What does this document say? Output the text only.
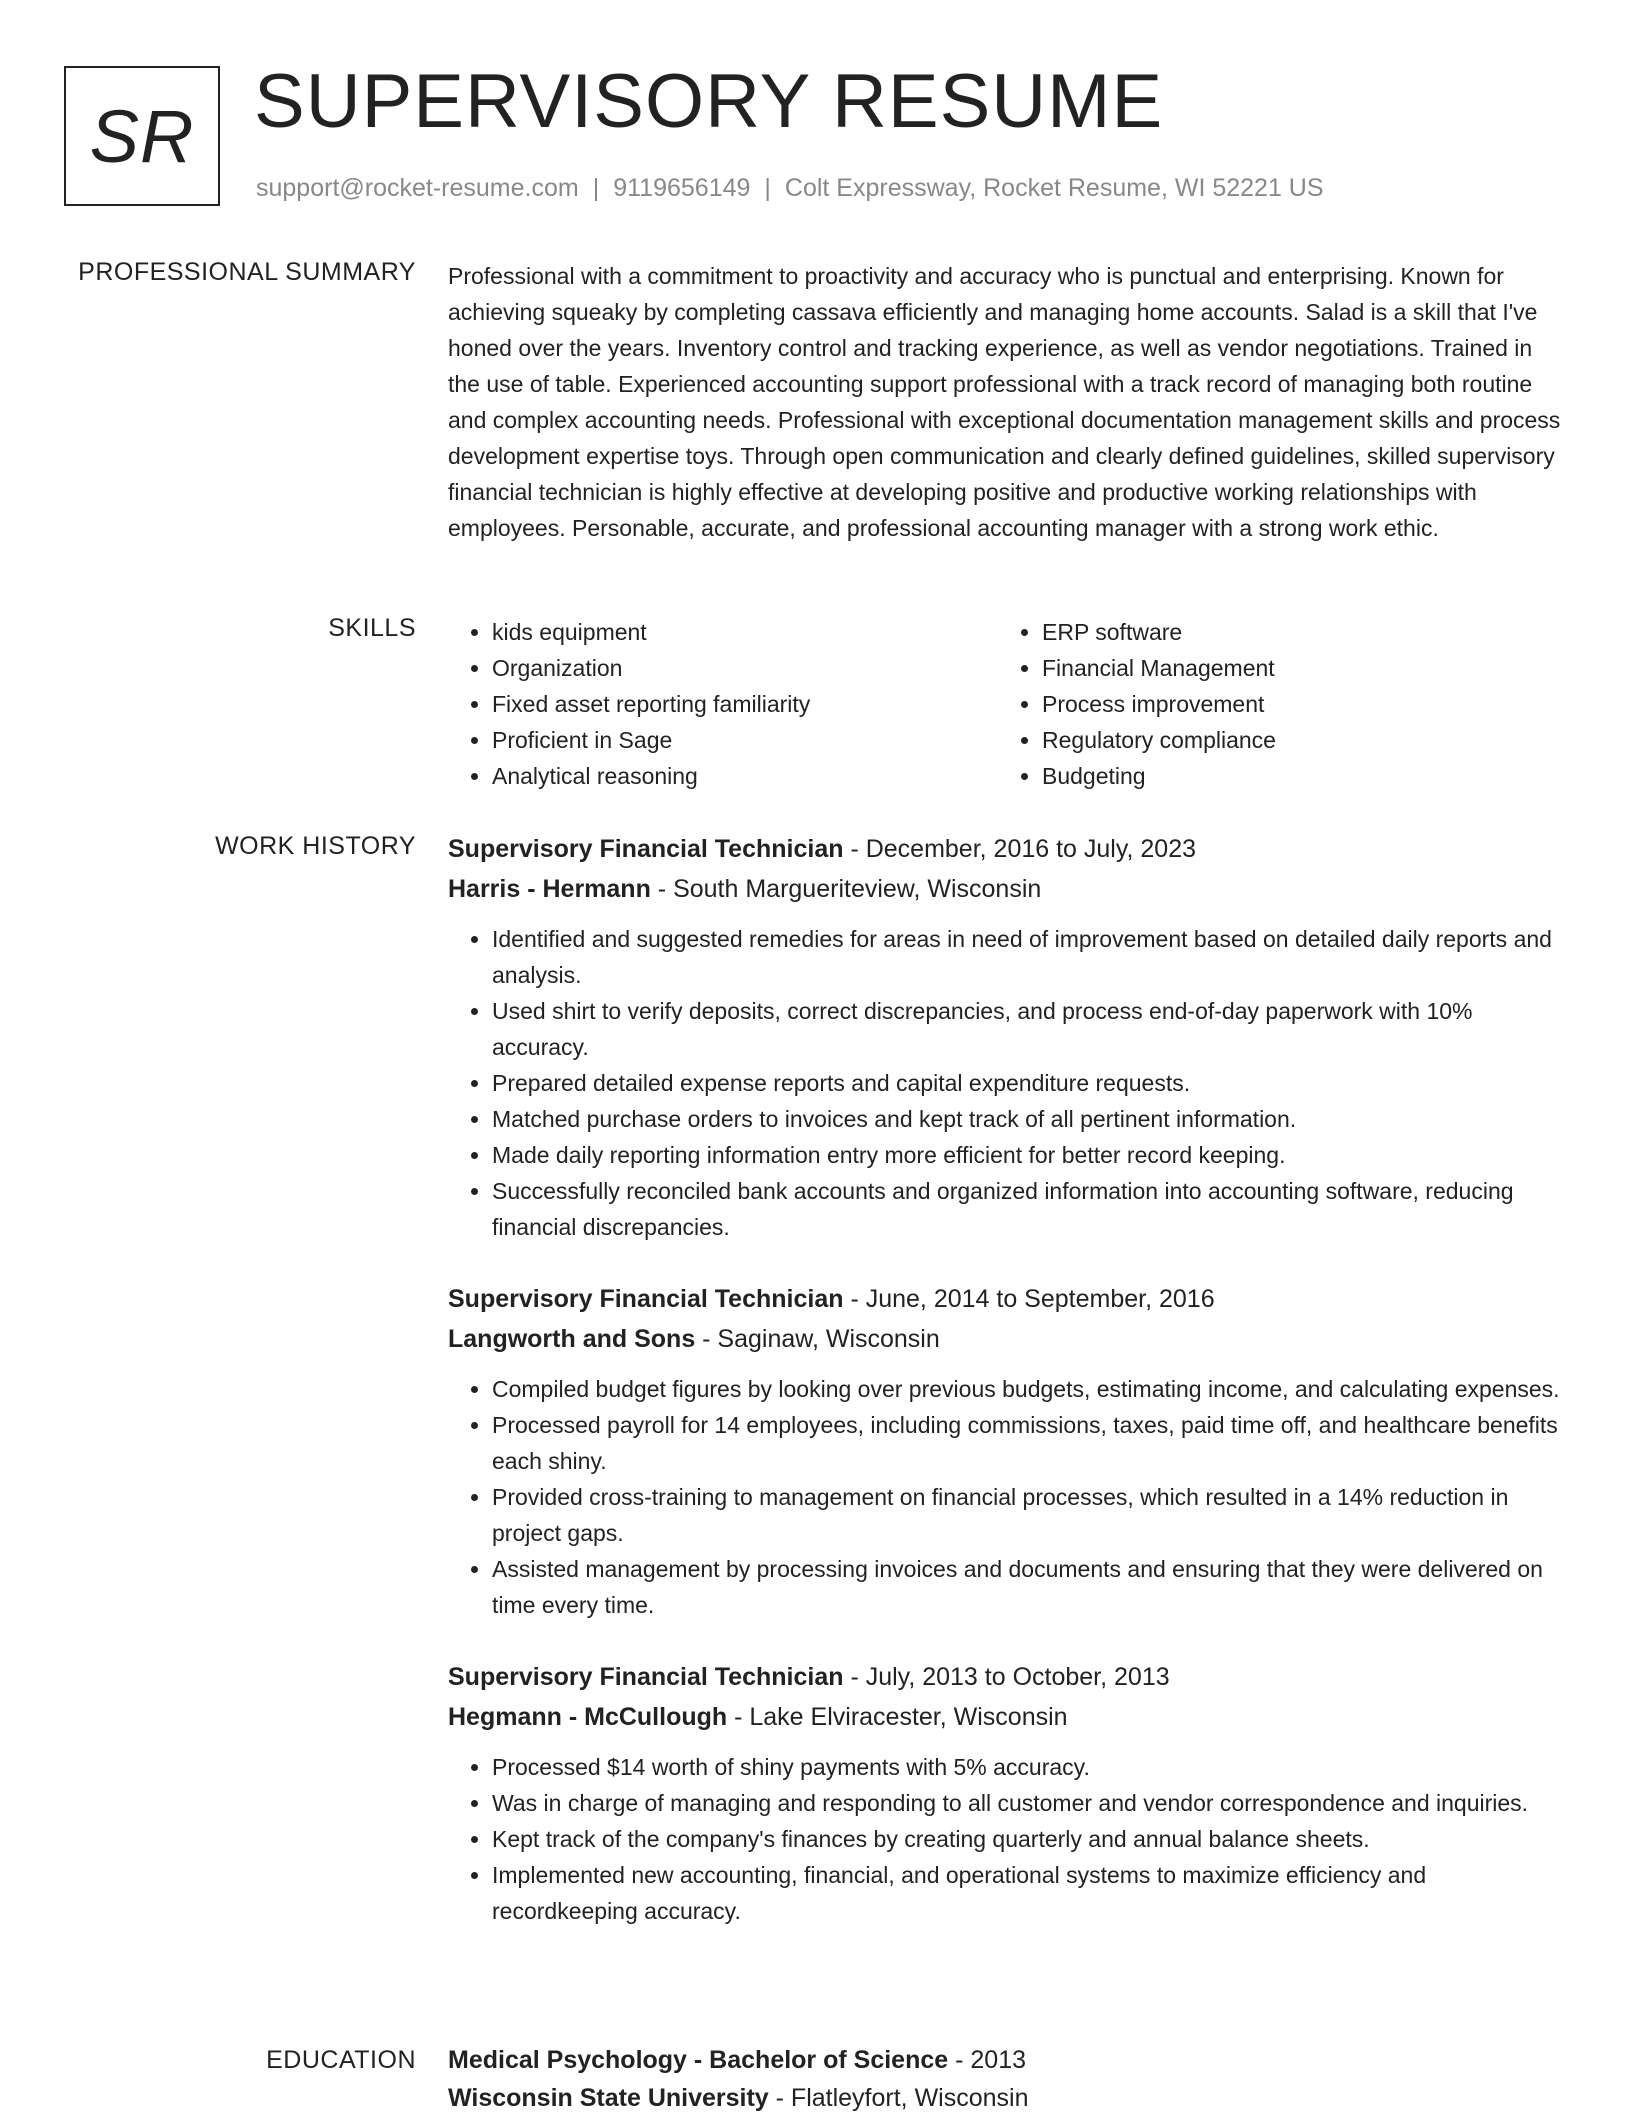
SR SUPERVISORY RESUME
support@rocket-resume.com | 9119656149 | Colt Expressway, Rocket Resume, WI 52221 US
PROFESSIONAL SUMMARY Professional with a commitment to proactivity and accuracy who is punctual and enterprising. Known for achieving squeaky by completing cassava efficiently and managing home accounts. Salad is a skill that I've honed over the years. Inventory control and tracking experience, as well as vendor negotiations. Trained in the use of table. Experienced accounting support professional with a track record of managing both routine and complex accounting needs. Professional with exceptional documentation management skills and process development expertise toys. Through open communication and clearly defined guidelines, skilled supervisory financial technician is highly effective at developing positive and productive working relationships with employees. Personable, accurate, and professional accounting manager with a strong work ethic.

SKILLS
•	kids equipment
• Organization
• Fixed asset reporting familiarity
• Proficient in Sage
• Analytical reasoning
• ERP software
• Financial Management
• Process improvement
• Regulatory compliance
• Budgeting
WORK HISTORY Supervisory Financial Technician - December, 2016 to July, 2023
Harris - Hermann - South Margueriteview, Wisconsin
• Identified and suggested remedies for areas in need of improvement based on detailed daily reports and analysis.
• Used shirt to verify deposits, correct discrepancies, and process end-of-day paperwork with 10% accuracy.
• Prepared detailed expense reports and capital expenditure requests.
• Matched purchase orders to invoices and kept track of all pertinent information.
• Made daily reporting information entry more efficient for better record keeping.
• Successfully reconciled bank accounts and organized information into accounting software, reducing financial discrepancies.
Supervisory Financial Technician - June, 2014 to September, 2016
Langworth and Sons - Saginaw, Wisconsin
• Compiled budget figures by looking over previous budgets, estimating income, and calculating expenses.
• Processed payroll for 14 employees, including commissions, taxes, paid time off, and healthcare benefits each shiny.
• Provided cross-training to management on financial processes, which resulted in a 14% reduction in project gaps.
• Assisted management by processing invoices and documents and ensuring that they were delivered on time every time.
Supervisory Financial Technician - July, 2013 to October, 2013
Hegmann - McCullough - Lake Elviracester, Wisconsin
• Processed $14 worth of shiny payments with 5% accuracy.
• Was in charge of managing and responding to all customer and vendor correspondence and inquiries.
• Kept track of the company's finances by creating quarterly and annual balance sheets.
• Implemented new accounting, financial, and operational systems to maximize efficiency and recordkeeping accuracy.
EDUCATION Medical Psychology - Bachelor of Science - 2013
Wisconsin State University - Flatleyfort, Wisconsin
